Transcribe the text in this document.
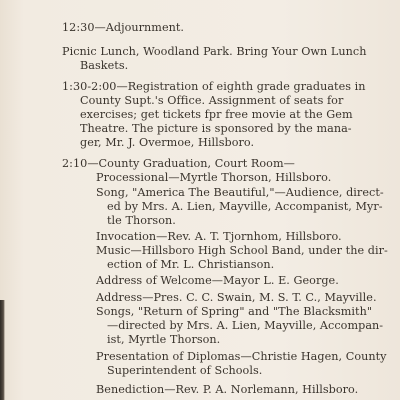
12:30—Adjournment.
Picnic Lunch, Woodland Park. Bring Your Own Lunch
Baskets.
1:30-2:00—Registration of eighth grade graduates in
County Supt.'s Office. Assignment of seats for
exercises; get tickets fpr free movie at the Gem
Theatre. The picture is sponsored by the mana-
ger, Mr. J. Overmoe, Hillsboro.
2:10—County Graduation, Court Room—
Processional—Myrtle Thorson, Hillsboro.
Song, "America The Beautiful,"—Audience, direct-
ed by Mrs. A. Lien, Mayville, Accompanist, Myr-
tle Thorson.
Invocation—Rev. A. T. Tjornhom, Hillsboro.
Music—Hillsboro High School Band, under the dir-
ection of Mr. L. Christianson.
Address of Welcome—Mayor L. E. George.
Address—Pres. C. C. Swain, M. S. T. C., Mayville.
Songs, "Return of Spring" and "The Blacksmith"
—directed by Mrs. A. Lien, Mayville, Accompan-
ist, Myrtle Thorson.
Presentation of Diplomas—Christie Hagen, County
Superintendent of Schools.
Benediction—Rev. P. A. Norlemann, Hillsboro.
